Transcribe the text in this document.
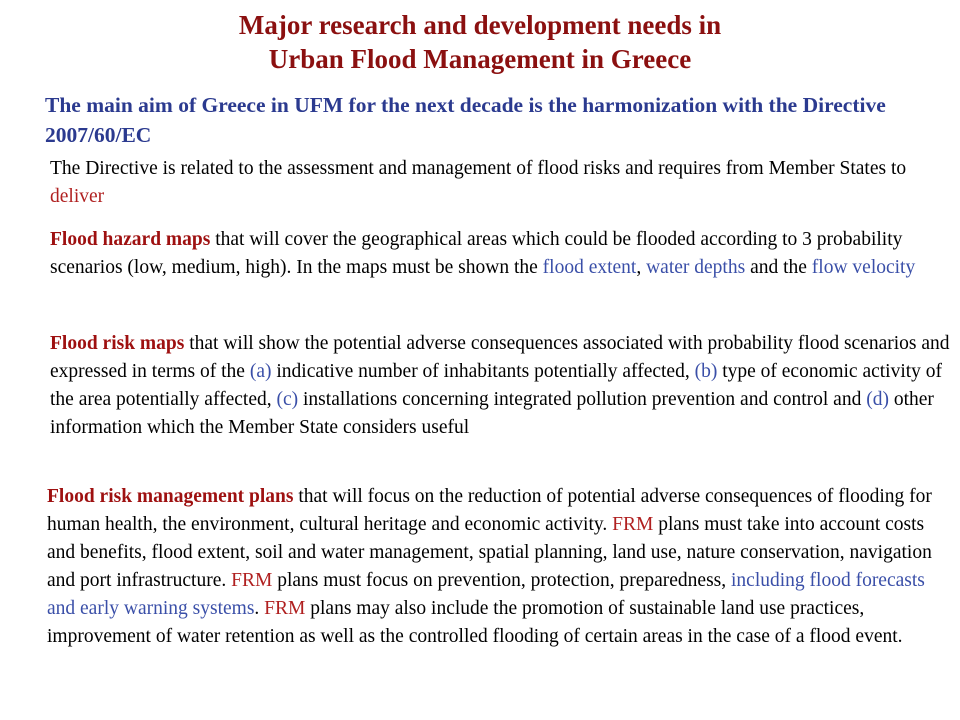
Major research and development needs in
Urban Flood Management in Greece
The main aim of Greece in UFM for the next decade is the harmonization with the Directive 2007/60/EC
The Directive is related to the assessment and management of flood risks and requires from Member States to deliver
Flood hazard maps that will cover the geographical areas which could be flooded according to 3 probability scenarios (low, medium, high). In the maps must be shown the flood extent, water depths and the flow velocity
Flood risk maps that will show the potential adverse consequences associated with probability flood scenarios and expressed in terms of the (a) indicative number of inhabitants potentially affected, (b) type of economic activity of the area potentially affected, (c) installations concerning integrated pollution prevention and control and (d) other information which the Member State considers useful
Flood risk management plans that will focus on the reduction of potential adverse consequences of flooding for human health, the environment, cultural heritage and economic activity. FRM plans must take into account costs and benefits, flood extent, soil and water management, spatial planning, land use, nature conservation, navigation and port infrastructure. FRM plans must focus on prevention, protection, preparedness, including flood forecasts and early warning systems. FRM plans may also include the promotion of sustainable land use practices, improvement of water retention as well as the controlled flooding of certain areas in the case of a flood event.
